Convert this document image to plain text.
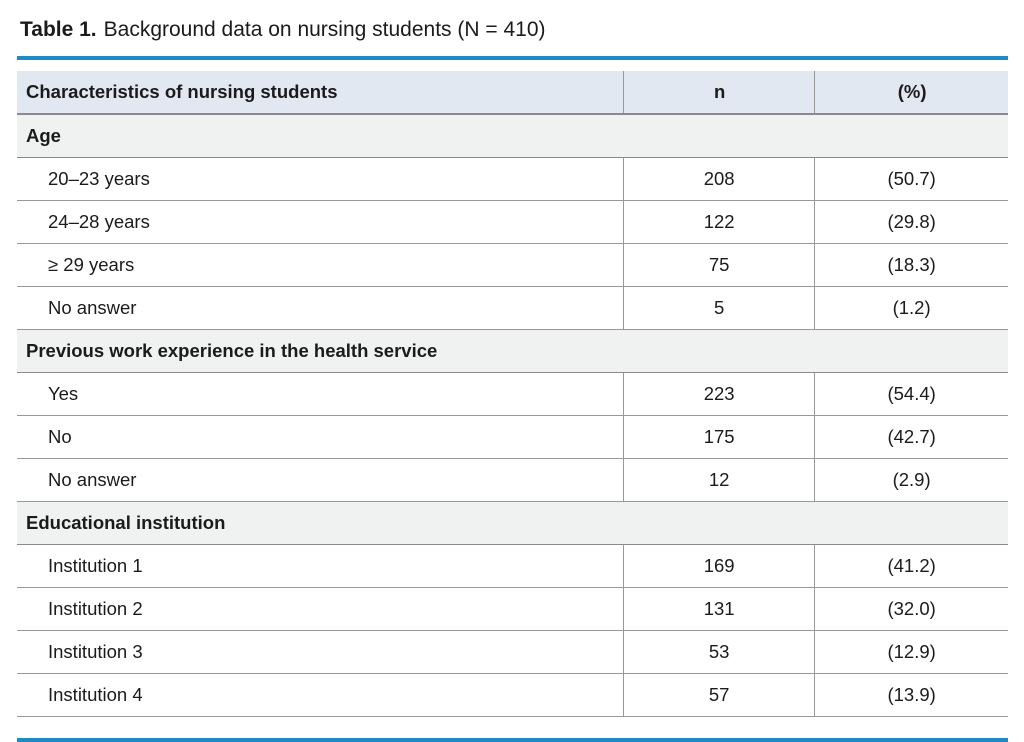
Table 1. Background data on nursing students (N = 410)
Characteristics of nursing students	n	(%)
Age		
20–23 years	208	(50.7)
24–28 years	122	(29.8)
≥ 29 years	75	(18.3)
No answer	5	(1.2)
Previous work experience in the health service		
Yes	223	(54.4)
No	175	(42.7)
No answer	12	(2.9)
Educational institution		
Institution 1	169	(41.2)
Institution 2	131	(32.0)
Institution 3	53	(12.9)
Institution 4	57	(13.9)
